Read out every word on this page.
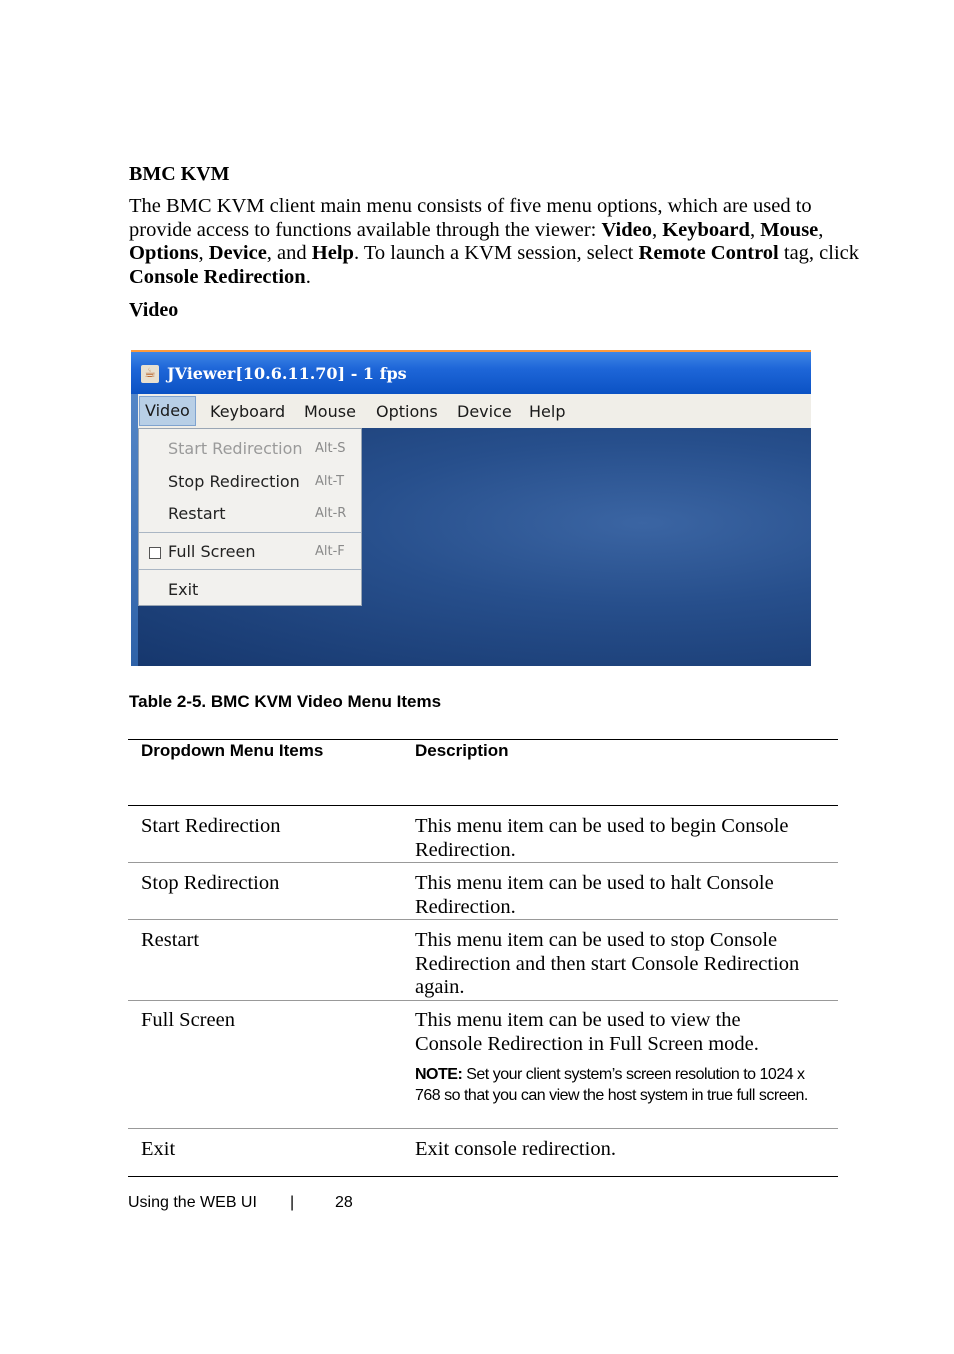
BMC KVM
The BMC KVM client main menu consists of five menu options, which are used to provide access to functions available through the viewer: Video, Keyboard, Mouse, Options, Device, and Help. To launch a KVM session, select Remote Control tag, click Console Redirection.
Video
☕ JViewer[10.6.11.70] - 1 fps
Video	Keyboard Mouse Options Device Help
Start Redirection Alt-S
Stop Redirection Alt-T
Restart	Alt-R
Full Screen	Alt-F
Exit
Table 2-5. BMC KVM Video Menu Items
Dropdown Menu Items	Description
Start Redirection	This menu item can be used to begin Console Redirection.
Stop Redirection	This menu item can be used to halt Console Redirection.
Restart	This menu item can be used to stop Console Redirection and then start Console Redirection again.
Full Screen	This menu item can be used to view the Console Redirection in Full Screen mode.
NOTE: Set your client system’s screen resolution to 1024 x 768 so that you can view the host system in true full screen.
Exit	Exit console redirection.
Using the WEB UI |	28
